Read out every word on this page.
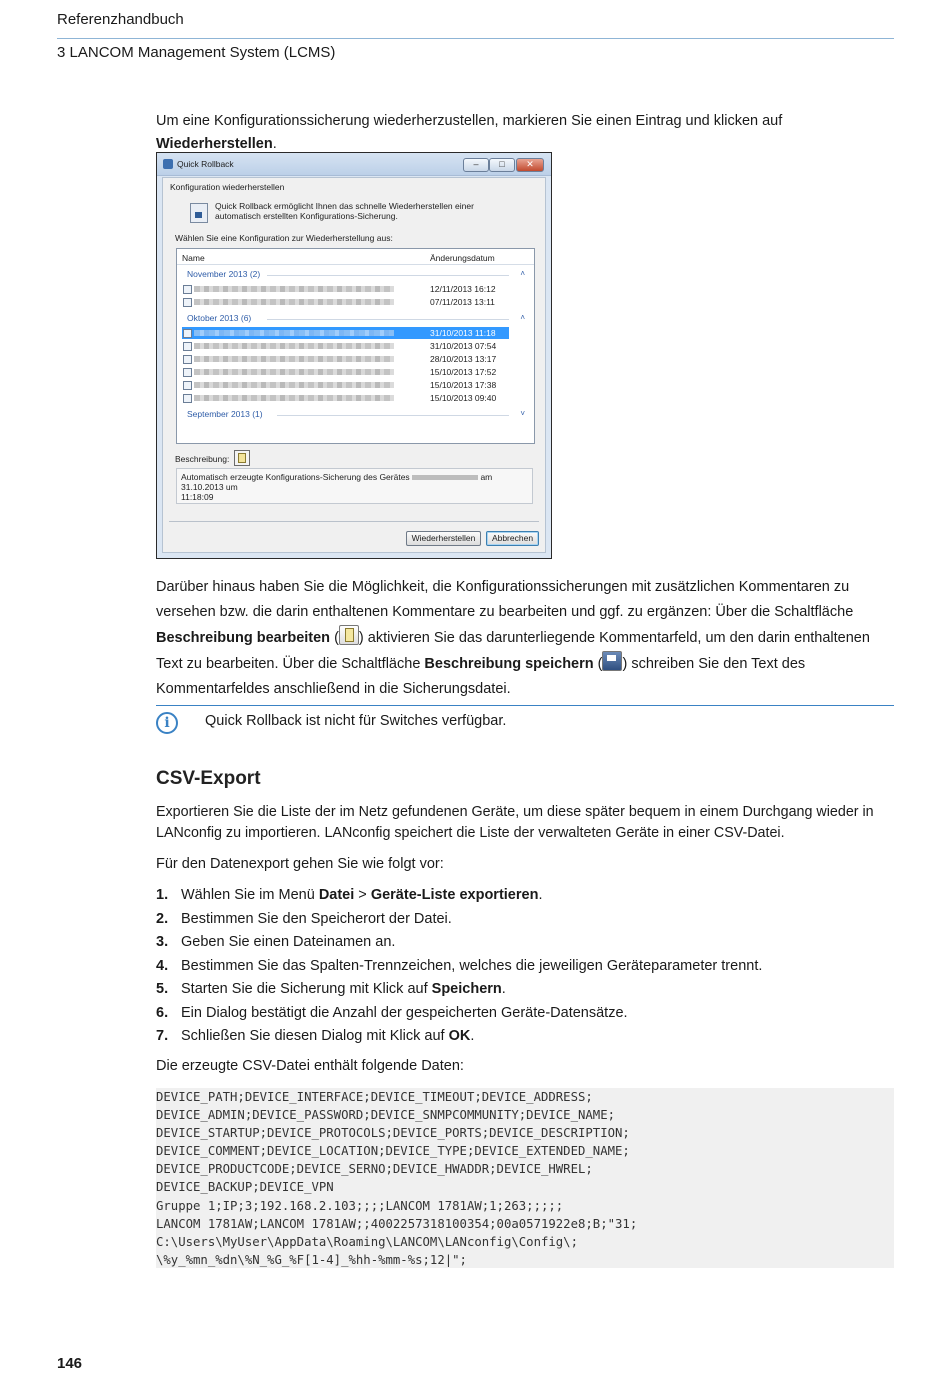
Referenzhandbuch
3 LANCOM Management System (LCMS)
Um eine Konfigurationssicherung wiederherzustellen, markieren Sie einen Eintrag und klicken auf Wiederherstellen.
Quick Rollback	–	□	✕
Konfiguration wiederherstellen
Quick Rollback ermöglicht Ihnen das schnelle Wiederherstellen einer automatisch erstellten Konfigurations-Sicherung.
Wählen Sie eine Konfiguration zur Wiederherstellung aus:
Name	Änderungsdatum
November 2013 (2)	˄
12/11/2013 16:12
07/11/2013 13:11
Oktober 2013 (6)	˄
31/10/2013 11:18
31/10/2013 07:54
28/10/2013 13:17
15/10/2013 17:52
15/10/2013 17:38
15/10/2013 09:40
September 2013 (1)	˅
Beschreibung:
Automatisch erzeugte Konfigurations-Sicherung des Gerätes	am 31.10.2013 um
11:18:09
Wiederherstellen	Abbrechen
Darüber hinaus haben Sie die Möglichkeit, die Konfigurationssicherungen mit zusätzlichen Kommentaren zu versehen bzw. die darin enthaltenen Kommentare zu bearbeiten und ggf. zu ergänzen: Über die Schaltfläche Beschreibung bearbeiten ( ) aktivieren Sie das darunterliegende Kommentarfeld, um den darin enthaltenen Text zu bearbeiten. Über die Schaltfläche Beschreibung speichern ( ) schreiben Sie den Text des Kommentarfeldes anschließend in die Sicherungsdatei.
i	Quick Rollback ist nicht für Switches verfügbar.
CSV-Export
Exportieren Sie die Liste der im Netz gefundenen Geräte, um diese später bequem in einem Durchgang wieder in LANconfig zu importieren. LANconfig speichert die Liste der verwalteten Geräte in einer CSV-Datei.
Für den Datenexport gehen Sie wie folgt vor:
1. Wählen Sie im Menü Datei > Geräte-Liste exportieren.
2. Bestimmen Sie den Speicherort der Datei.
3. Geben Sie einen Dateinamen an.
4. Bestimmen Sie das Spalten-Trennzeichen, welches die jeweiligen Geräteparameter trennt.
5. Starten Sie die Sicherung mit Klick auf Speichern.
6. Ein Dialog bestätigt die Anzahl der gespeicherten Geräte-Datensätze.
7. Schließen Sie diesen Dialog mit Klick auf OK.
Die erzeugte CSV-Datei enthält folgende Daten:
DEVICE_PATH;DEVICE_INTERFACE;DEVICE_TIMEOUT;DEVICE_ADDRESS;
DEVICE_ADMIN;DEVICE_PASSWORD;DEVICE_SNMPCOMMUNITY;DEVICE_NAME;
DEVICE_STARTUP;DEVICE_PROTOCOLS;DEVICE_PORTS;DEVICE_DESCRIPTION;
DEVICE_COMMENT;DEVICE_LOCATION;DEVICE_TYPE;DEVICE_EXTENDED_NAME;
DEVICE_PRODUCTCODE;DEVICE_SERNO;DEVICE_HWADDR;DEVICE_HWREL;
DEVICE_BACKUP;DEVICE_VPN
Gruppe 1;IP;3;192.168.2.103;;;;LANCOM 1781AW;1;263;;;;;
LANCOM 1781AW;LANCOM 1781AW;;4002257318100354;00a0571922e8;B;"31;
C:\Users\MyUser\AppData\Roaming\LANCOM\LANconfig\Config\;
\%y_%mn_%dn\%N_%G_%F[1-4]_%hh-%mm-%s;12|";
146
